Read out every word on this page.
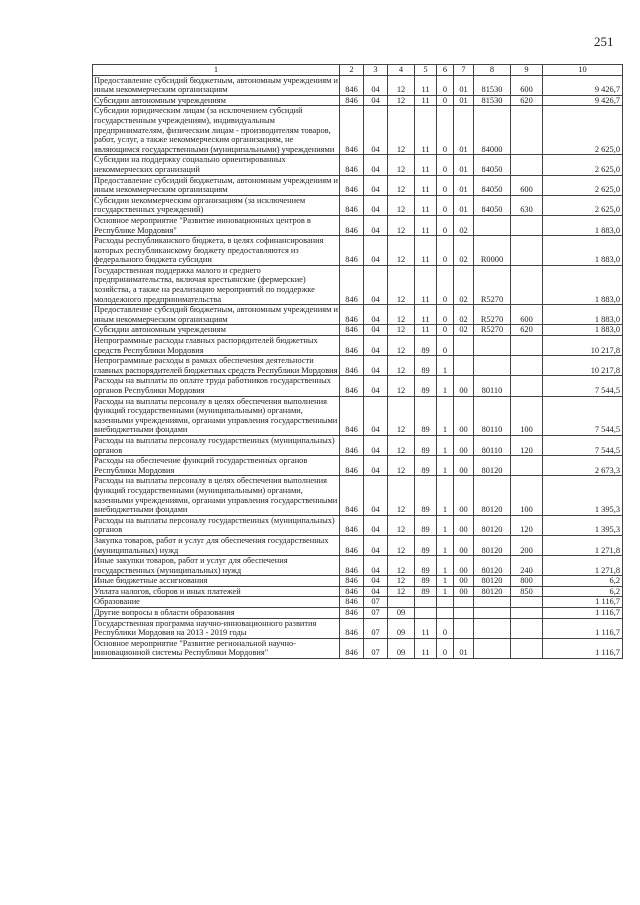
251
1	2	3	4	5	6	7	8	9	10
Предоставление субсидий бюджетным, автономным учреждениям и иным некоммерческим организациям	846	04	12	11	0	01	81530	600	9 426,7
Субсидии автономным учреждениям	846	04	12	11	0	01	81530	620	9 426,7
Субсидии юридическим лицам (за исключением субсидий государственным учреждениям), индивидуальным предпринимателям, физическим лицам - производителям товаров, работ, услуг, а также некоммерческим организациям, не являющимся государственными (муниципальными) учреждениями	846	04	12	11	0	01	84000		2 625,0
Субсидии на поддержку социально ориентированных некоммерческих организаций	846	04	12	11	0	01	84050		2 625,0
Предоставление субсидий бюджетным, автономным учреждениям и иным некоммерческим организациям	846	04	12	11	0	01	84050	600	2 625,0
Субсидии некоммерческим организациям (за исключением государственных учреждений)	846	04	12	11	0	01	84050	630	2 625,0
Основное мероприятие "Развитие инновационных центров в Республике Мордовия"	846	04	12	11	0	02			1 883,0
Расходы республиканского бюджета, в целях софинансирования которых республиканскому бюджету предоставляются из федерального бюджета субсидии	846	04	12	11	0	02	R0000		1 883,0
Государственная поддержка малого и среднего предпринимательства, включая крестьянские (фермерские) хозяйства, а также на реализацию мероприятий по поддержке молодежного предпринимательства	846	04	12	11	0	02	R5270		1 883,0
Предоставление субсидий бюджетным, автономным учреждениям и иным некоммерческим организациям	846	04	12	11	0	02	R5270	600	1 883,0
Субсидии автономным учреждениям	846	04	12	11	0	02	R5270	620	1 883,0
Непрограммные расходы главных распорядителей бюджетных средств Республики Мордовия	846	04	12	89	0				10 217,8
Непрограммные расходы в рамках обеспечения деятельности главных распорядителей бюджетных средств Республики Мордовия	846	04	12	89	1				10 217,8
Расходы на выплаты по оплате труда работников государственных органов Республики Мордовия	846	04	12	89	1	00	80110		7 544,5
Расходы на выплаты персоналу в целях обеспечения выполнения функций государственными (муниципальными) органами, казенными учреждениями, органами управления государственными внебюджетными фондами	846	04	12	89	1	00	80110	100	7 544,5
Расходы на выплаты персоналу государственных (муниципальных) органов	846	04	12	89	1	00	80110	120	7 544,5
Расходы на обеспечение функций государственных органов Республики Мордовия	846	04	12	89	1	00	80120		2 673,3
Расходы на выплаты персоналу в целях обеспечения выполнения функций государственными (муниципальными) органами, казенными учреждениями, органами управления государственными внебюджетными фондами	846	04	12	89	1	00	80120	100	1 395,3
Расходы на выплаты персоналу государственных (муниципальных) органов	846	04	12	89	1	00	80120	120	1 395,3
Закупка товаров, работ и услуг для обеспечения государственных (муниципальных) нужд	846	04	12	89	1	00	80120	200	1 271,8
Иные закупки товаров, работ и услуг для обеспечения государственных (муниципальных) нужд	846	04	12	89	1	00	80120	240	1 271,8
Иные бюджетные ассигнования	846	04	12	89	1	00	80120	800	6,2
Уплата налогов, сборов и иных платежей	846	04	12	89	1	00	80120	850	6,2
Образование	846	07							1 116,7
Другие вопросы в области образования	846	07	09						1 116,7
Государственная программа научно-инновационного развития Республики Мордовия на 2013 - 2019 годы	846	07	09	11	0				1 116,7
Основное мероприятие "Развитие региональной научно-инновационной системы Республики Мордовия"	846	07	09	11	0	01			1 116,7
